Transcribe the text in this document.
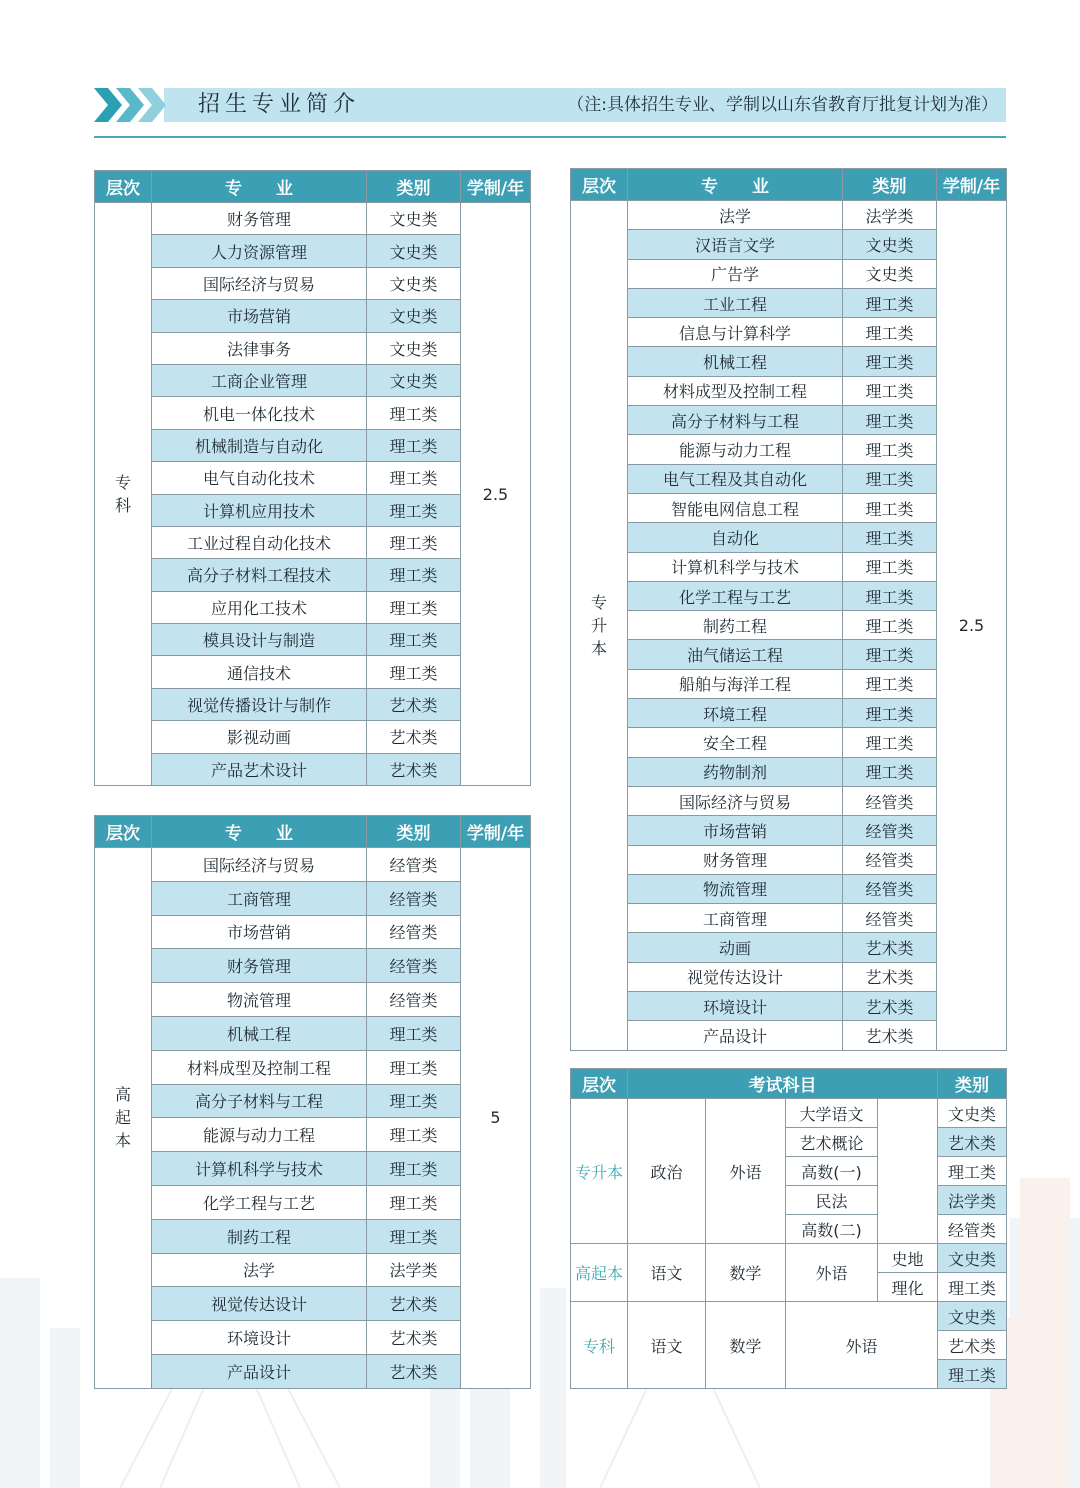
招生专业简介	（注:具体招生专业、学制以山东省教育厅批复计划为准）
层次	专　　业	类别	学制/年

专
科	财务管理	文史类	2.5
	人力资源管理	文史类	
	国际经济与贸易	文史类	
	市场营销	文史类	
	法律事务	文史类	
	工商企业管理	文史类	
	机电一体化技术	理工类	
	机械制造与自动化	理工类	
	电气自动化技术	理工类	
	计算机应用技术	理工类	
	工业过程自动化技术	理工类	
	高分子材料工程技术	理工类	
	应用化工技术	理工类	
	模具设计与制造	理工类	
	通信技术	理工类	
	视觉传播设计与制作	艺术类	
	影视动画	艺术类	
	产品艺术设计	艺术类	
层次	专　　业	类别	学制/年

高
起
本	国际经济与贸易	经管类	5
	工商管理	经管类	
	市场营销	经管类	
	财务管理	经管类	
	物流管理	经管类	
	机械工程	理工类	
	材料成型及控制工程	理工类	
	高分子材料与工程	理工类	
	能源与动力工程	理工类	
	计算机科学与技术	理工类	
	化学工程与工艺	理工类	
	制药工程	理工类	
	法学	法学类	
	视觉传达设计	艺术类	
	环境设计	艺术类	
	产品设计	艺术类	
层次	专　　业	类别	学制/年

专
升
本	法学	法学类	2.5
	汉语言文学	文史类	
	广告学	文史类	
	工业工程	理工类	
	信息与计算科学	理工类	
	机械工程	理工类	
	材料成型及控制工程	理工类	
	高分子材料与工程	理工类	
	能源与动力工程	理工类	
	电气工程及其自动化	理工类	
	智能电网信息工程	理工类	
	自动化	理工类	
	计算机科学与技术	理工类	
	化学工程与工艺	理工类	
	制药工程	理工类	
	油气储运工程	理工类	
	船舶与海洋工程	理工类	
	环境工程	理工类	
	安全工程	理工类	
	药物制剂	理工类	
	国际经济与贸易	经管类	
	市场营销	经管类	
	财务管理	经管类	
	物流管理	经管类	
	工商管理	经管类	
	动画	艺术类	
	视觉传达设计	艺术类	
	环境设计	艺术类	
	产品设计	艺术类	
层次	考试科目				类别
专升本	政治	外语	大学语文		文史类
			艺术概论		艺术类
			高数(一)		理工类
			民法		法学类
			高数(二)		经管类
高起本	语文	数学	外语	史地	文史类
				理化	理工类
专科	语文	数学	外语		文史类
					艺术类
					理工类
